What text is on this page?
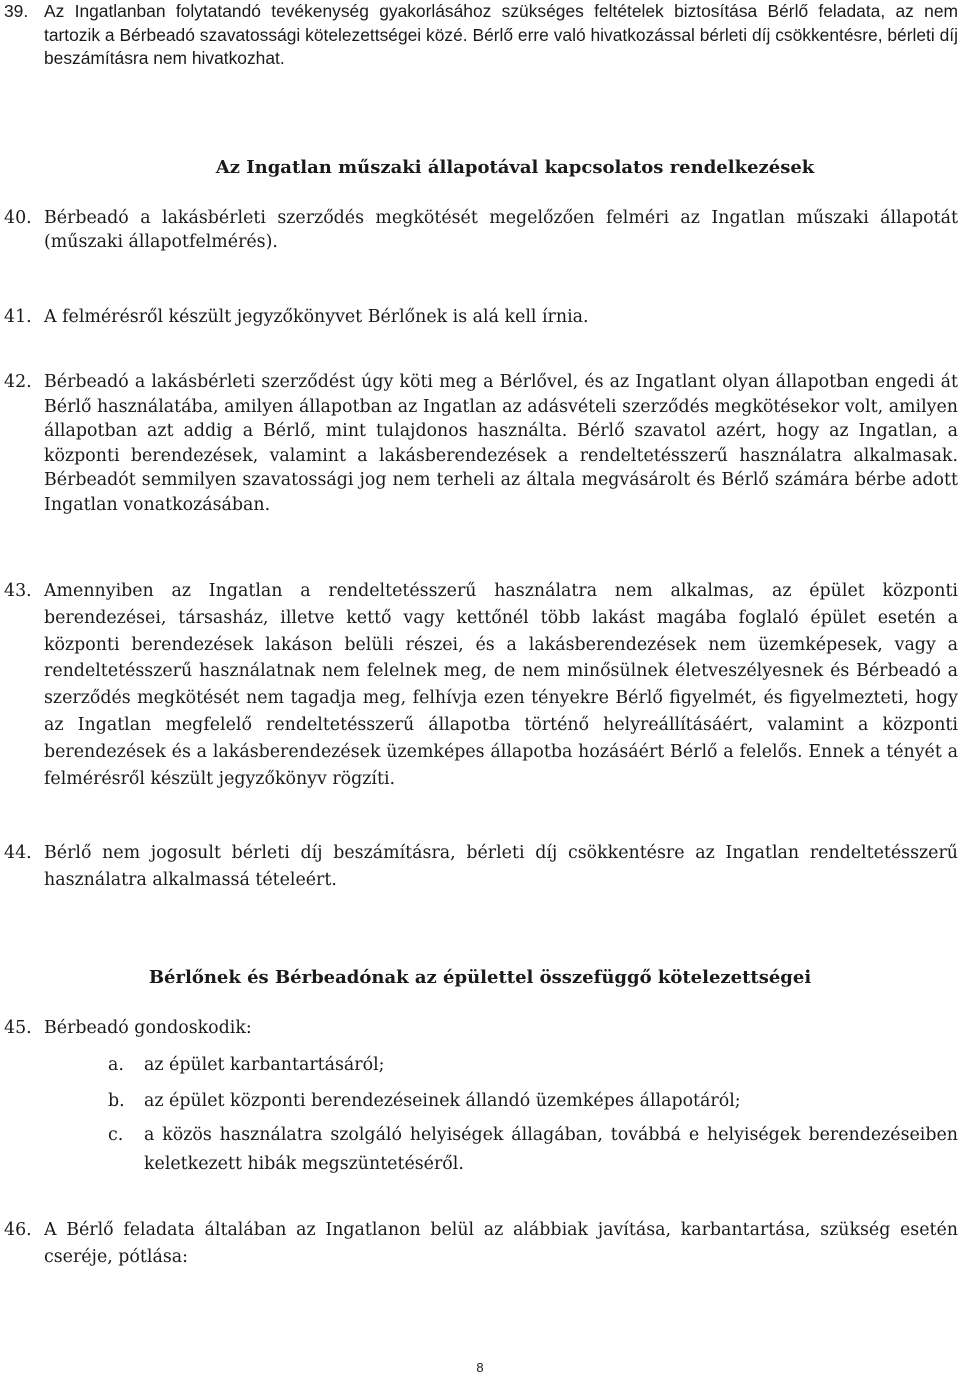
39. Az Ingatlanban folytatandó tevékenység gyakorlásához szükséges feltételek biztosítása Bérlő feladata, az nem tartozik a Bérbeadó szavatossági kötelezettségei közé. Bérlő erre való hivatkozással bérleti díj csökkentésre, bérleti díj beszámításra nem hivatkozhat.
Az Ingatlan műszaki állapotával kapcsolatos rendelkezések
40. Bérbeadó a lakásbérleti szerződés megkötését megelőzően felméri az Ingatlan műszaki állapotát (műszaki állapotfelmérés).
41. A felmérésről készült jegyzőkönyvet Bérlőnek is alá kell írnia.
42. Bérbeadó a lakásbérleti szerződést úgy köti meg a Bérlővel, és az Ingatlant olyan állapotban engedi át Bérlő használatába, amilyen állapotban az Ingatlan az adásvételi szerződés megkötésekor volt, amilyen állapotban azt addig a Bérlő, mint tulajdonos használta. Bérlő szavatol azért, hogy az Ingatlan, a központi berendezések, valamint a lakásberendezések a rendeltetésszerű használatra alkalmasak. Bérbeadót semmilyen szavatossági jog nem terheli az általa megvásárolt és Bérlő számára bérbe adott Ingatlan vonatkozásában.
43. Amennyiben az Ingatlan a rendeltetésszerű használatra nem alkalmas, az épület központi berendezései, társasház, illetve kettő vagy kettőnél több lakást magába foglaló épület esetén a központi berendezések lakáson belüli részei, és a lakásberendezések nem üzemképesek, vagy a rendeltetésszerű használatnak nem felelnek meg, de nem minősülnek életveszélyesnek és Bérbeadó a szerződés megkötését nem tagadja meg, felhívja ezen tényekre Bérlő figyelmét, és figyelmezteti, hogy az Ingatlan megfelelő rendeltetésszerű állapotba történő helyreállításáért, valamint a központi berendezések és a lakásberendezések üzemképes állapotba hozásáért Bérlő a felelős. Ennek a tényét a felmérésről készült jegyzőkönyv rögzíti.
44. Bérlő nem jogosult bérleti díj beszámításra, bérleti díj csökkentésre az Ingatlan rendeltetésszerű használatra alkalmassá tételeért.
Bérlőnek és Bérbeadónak az épülettel összefüggő kötelezettségei
45. Bérbeadó gondoskodik:
a.	az épület karbantartásáról;
b.	az épület központi berendezéseinek állandó üzemképes állapotáról;
c.	a közös használatra szolgáló helyiségek állagában, továbbá e helyiségek berendezéseiben keletkezett hibák megszüntetéséről.
46. A Bérlő feladata általában az Ingatlanon belül az alábbiak javítása, karbantartása, szükség esetén cseréje, pótlása:
8
